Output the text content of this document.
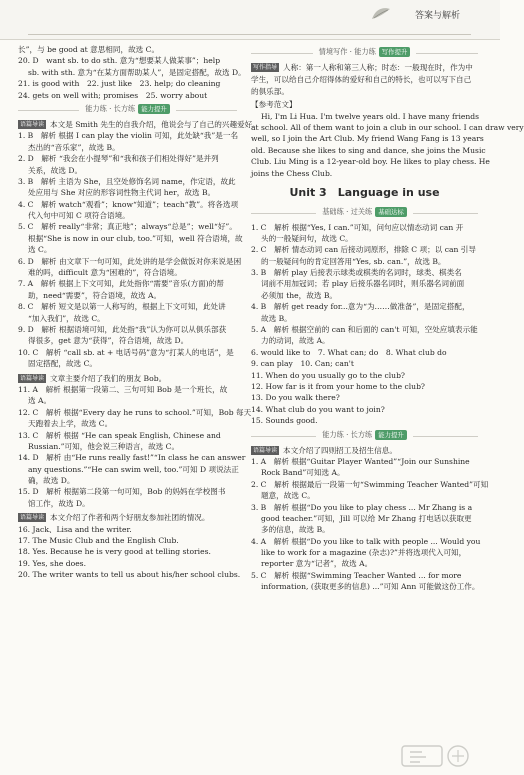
答案与解析
长”，与 be good at 意思相同，故选 C。
20. D　want sb. to do sth. 意为“想要某人做某事”；help
sb. with sth. 意为“在某方面帮助某人”，是固定搭配，故选 D。
21. is good with　22. just like　23. help; do cleaning
24. gets on well with; promises　25. worry about
能力练 · 长方练 能力提升
语篇导读 本文是 Smith 先生的自我介绍，他说会与了自己的兴趣爱好。
1. B　解析 根据 I can play the violin 可知，此处缺“我”是一名
杰出的“音乐家”，故选 B。
2. D　解析 “我会在小提琴”和“我和孩子们相处得好”是并列
关系，故选 D。
3. B　解析 主语为 She，且空处修饰名词 name，作定语，故此
处应用与 She 对应的形容词性物主代词 her，故选 B。
4. C　解析 watch“观看”；know“知道”；teach“教”。将各选项
代入句中可知 C 项符合语境。
5. C　解析 really“非常；真正地”；always“总是”；well“好”。
根据“She is now in our club, too.”可知，well 符合语境，故
选 C。
6. D　解析 由文章下一句可知，此处讲的是学会做饭对你来说是困
难的吗，difficult 意为“困难的”，符合语境。
7. A　解析 根据上下文可知，此处指你“需要”音乐(方面)的帮
助，need“需要”，符合语境，故选 A。
8. C　解析 短文是以第一人称写的，根据上下文可知，此处讲
“加入我们”，故选 C。
9. D　解析 根据语境可知，此处指“我”认为你可以从俱乐部获
得很多，get 意为“获得”，符合语境，故选 D。
10. C　解析 “call sb. at + 电话号码”意为“打某人的电话”，是
固定搭配，故选 C。
语篇导读 文章主要介绍了我们的朋友 Bob。
11. A　解析 根据第一段第二、三句可知 Bob 是一个班长，故
选 A。
12. C　解析 根据“Every day he runs to school.”可知，Bob 每天
天跑着去上学，故选 C。
13. C　解析 根据 “He can speak English, Chinese and
Russian.”可知，他会说三种语言，故选 C。
14. D　解析 由“He runs really fast!”“In class he can answer
any questions.”“He can swim well, too.”可知 D 项说法正
确，故选 D。
15. D　解析 根据第二段第一句可知，Bob 的妈妈在学校图书
馆工作，故选 D。
语篇导读 本文介绍了作者和两个好朋友参加社团的情况。
16. Jack、Lisa and the writer.
17. The Music Club and the English Club.
18. Yes. Because he is very good at telling stories.
19. Yes, she does.
20. The writer wants to tell us about his/her school clubs.
情境写作 · 能力练 写作提升
写作指导 人称：第一人称和第三人称；时态：一般现在时，作为中学生，可以给自己介绍得体的爱好和自己的特长，也可以写下自己的俱乐部。
【参考范文】
Hi, I'm Li Hua. I'm twelve years old. I have many friends
at school. All of them want to join a club in our school. I can draw very
well, so I join the Art Club. My friend Wang Fang is 13 years
old. Because she likes to sing and dance, she joins the Music
Club. Liu Ming is a 12-year-old boy. He likes to play chess. He
joins the Chess Club.
Unit 3　Language in use
基础练 · 过关练 基础达标
1. C　解析 根据“Yes, I can.”可知，问句应以情态动词 can 开
头的一般疑问句，故选 C。
2. C　解析 情态动词 can 后接动词原形，排除 C 项；以 can 引导
的一般疑问句的肯定回答用“Yes, sb. can.”，故选 B。
3. B　解析 play 后接表示球类或棋类的名词时，球类、棋类名
词前不用加冠词；若 play 后接乐器名词时，则乐器名词前面
必须加 the，故选 B。
4. B　解析 get ready for...意为“为……做准备”，是固定搭配，
故选 B。
5. A　解析 根据空前的 can 和后面的 can't 可知，空处应填表示能
力的动词，故选 A。
6. would like to　7. What can; do　8. What club do
9. can play　10. Can; can't
11. When do you usually go to the club?
12. How far is it from your home to the club?
13. Do you walk there?
14. What club do you want to join?
15. Sounds good.
能力练 · 长方练 能力提升
语篇导读 本文介绍了四则招工及招生信息。
1. A　解析 根据“Guitar Player Wanted”“Join our Sunshine
Rock Band”可知选 A。
2. C　解析 根据最后一段第一句“Swimming Teacher Wanted”可知
题意，故选 C。
3. B　解析 根据“Do you like to play chess ... Mr Zhang is a
good teacher.”可知，Jill 可以给 Mr Zhang 打电话以获取更
多的信息，故选 B。
4. A　解析 根据“Do you like to talk with people ... Would you
like to work for a magazine (杂志)?”并将选项代入可知，
reporter 意为“记者”，故选 A。
5. C　解析 根据“Swimming Teacher Wanted ... for more
information, (获取更多的信息) ...”可知 Ann 可能做这份工作。
